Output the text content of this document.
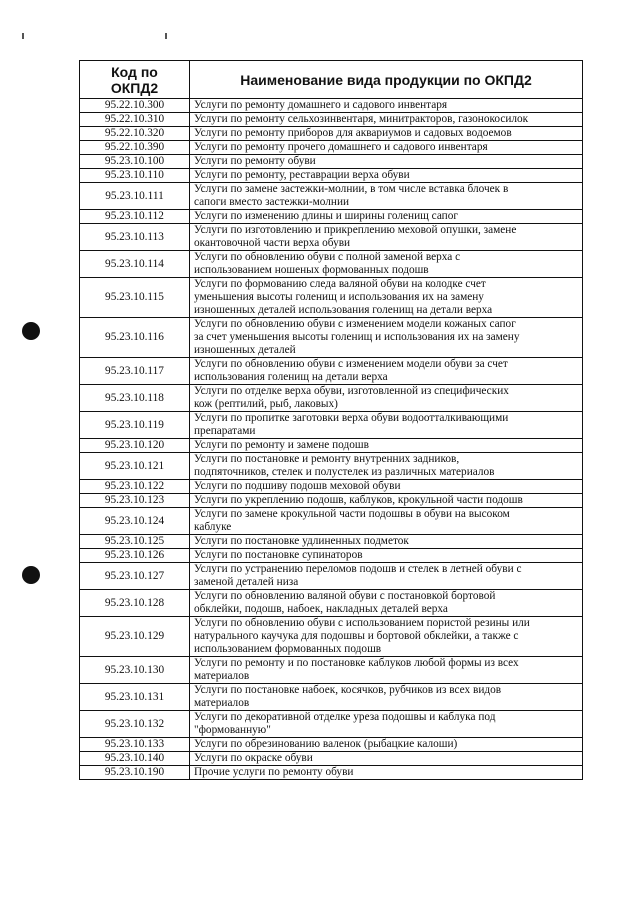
Код по
ОКПД2	Наименование вида продукции по ОКПД2
95.22.10.300	Услуги по ремонту домашнего и садового инвентаря

95.22.10.310	Услуги по ремонту сельхозинвентаря, минитракторов, газонокосилок

95.22.10.320	Услуги по ремонту приборов для аквариумов и садовых водоемов

95.22.10.390	Услуги по ремонту прочего домашнего и садового инвентаря

95.23.10.100	Услуги по ремонту обуви

95.23.10.110	Услуги по ремонту, реставрации верха обуви

95.23.10.111	Услуги по замене застежки-молнии, в том числе вставка блочек в
сапоги вместо застежки-молнии

95.23.10.112	Услуги по изменению длины и ширины голенищ сапог

95.23.10.113	Услуги по изготовлению и прикреплению меховой опушки, замене
окантовочной части верха обуви

95.23.10.114	Услуги по обновлению обуви с полной заменой верха с
использованием ношеных формованных подошв

95.23.10.115	Услуги по формованию следа валяной обуви на колодке счет
уменьшения высоты голенищ и использования их на замену
изношенных деталей использования голенищ на детали верха

95.23.10.116	Услуги по обновлению обуви с изменением модели кожаных сапог
за счет уменьшения высоты голенищ и использования их на замену
изношенных деталей

95.23.10.117	Услуги по обновлению обуви с изменением модели обуви за счет
использования голенищ на детали верха

95.23.10.118	Услуги по отделке верха обуви, изготовленной из специфических
кож (рептилий, рыб, лаковых)

95.23.10.119	Услуги по пропитке заготовки верха обуви водоотталкивающими
препаратами

95.23.10.120	Услуги по ремонту и замене подошв

95.23.10.121	Услуги по постановке и ремонту внутренних задников,
подпяточников, стелек и полустелек из различных материалов

95.23.10.122	Услуги по подшиву подошв меховой обуви

95.23.10.123	Услуги по укреплению подошв, каблуков, крокульной части подошв

95.23.10.124	Услуги по замене крокульной части подошвы в обуви на высоком
каблуке

95.23.10.125	Услуги по постановке удлиненных подметок

95.23.10.126	Услуги по постановке супинаторов

95.23.10.127	Услуги по устранению переломов подошв и стелек в летней обуви с
заменой деталей низа

95.23.10.128	Услуги по обновлению валяной обуви с постановкой бортовой
обклейки, подошв, набоек, накладных деталей верха

95.23.10.129	Услуги по обновлению обуви с использованием пористой резины или
натурального каучука для подошвы и бортовой обклейки, а также с
использованием формованных подошв

95.23.10.130	Услуги по ремонту и по постановке каблуков любой формы из всех
материалов

95.23.10.131	Услуги по постановке набоек, косячков, рубчиков из всех видов
материалов

95.23.10.132	Услуги по декоративной отделке уреза подошвы и каблука под
"формованную"

95.23.10.133	Услуги по обрезинованию валенок (рыбацкие калоши)

95.23.10.140	Услуги по окраске обуви

95.23.10.190	Прочие услуги по ремонту обуви
